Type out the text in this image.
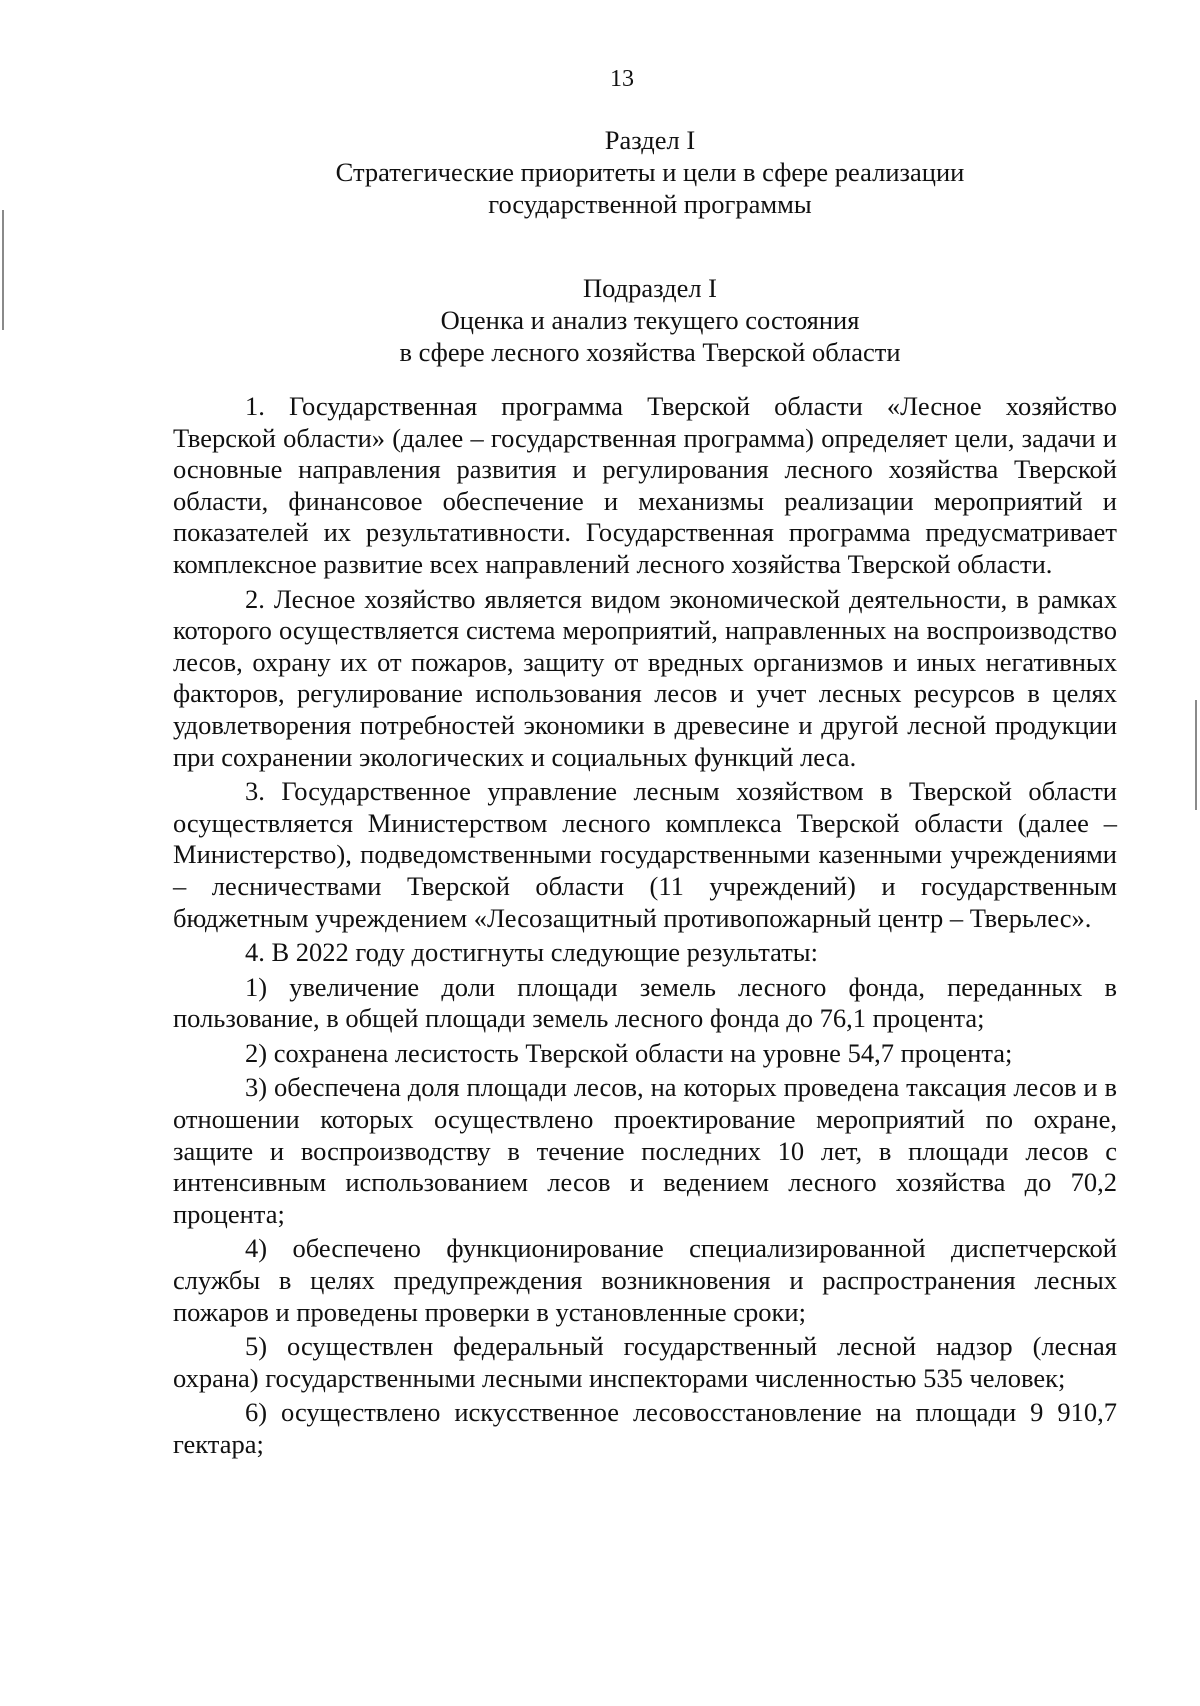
13
Раздел I
Стратегические приоритеты и цели в сфере реализации
государственной программы
Подраздел I
Оценка и анализ текущего состояния
в сфере лесного хозяйства Тверской области

1. Государственная программа Тверской области «Лесное хозяйство Тверской области» (далее – государственная программа) определяет цели, задачи и основные направления развития и регулирования лесного хозяйства Тверской области, финансовое обеспечение и механизмы реализации мероприятий и показателей их результативности. Государственная программа предусматривает комплексное развитие всех направлений лесного хозяйства Тверской области.

2. Лесное хозяйство является видом экономической деятельности, в рамках которого осуществляется система мероприятий, направленных на воспроизводство лесов, охрану их от пожаров, защиту от вредных организмов и иных негативных факторов, регулирование использования лесов и учет лесных ресурсов в целях удовлетворения потребностей экономики в древесине и другой лесной продукции при сохранении экологических и социальных функций леса.

3. Государственное управление лесным хозяйством в Тверской области осуществляется Министерством лесного комплекса Тверской области (далее – Министерство), подведомственными государственными казенными учреждениями – лесничествами Тверской области (11 учреждений) и государственным бюджетным учреждением «Лесозащитный противопожарный центр – Тверьлес».

4. В 2022 году достигнуты следующие результаты:

1) увеличение доли площади земель лесного фонда, переданных в пользование, в общей площади земель лесного фонда до 76,1 процента;

2) сохранена лесистость Тверской области на уровне 54,7 процента;

3) обеспечена доля площади лесов, на которых проведена таксация лесов и в отношении которых осуществлено проектирование мероприятий по охране, защите и воспроизводству в течение последних 10 лет, в площади лесов с интенсивным использованием лесов и ведением лесного хозяйства до 70,2 процента;

4) обеспечено функционирование специализированной диспетчерской службы в целях предупреждения возникновения и распространения лесных пожаров и проведены проверки в установленные сроки;

5) осуществлен федеральный государственный лесной надзор (лесная охрана) государственными лесными инспекторами численностью 535 человек;

6) осуществлено искусственное лесовосстановление на площади 9 910,7 гектара;
